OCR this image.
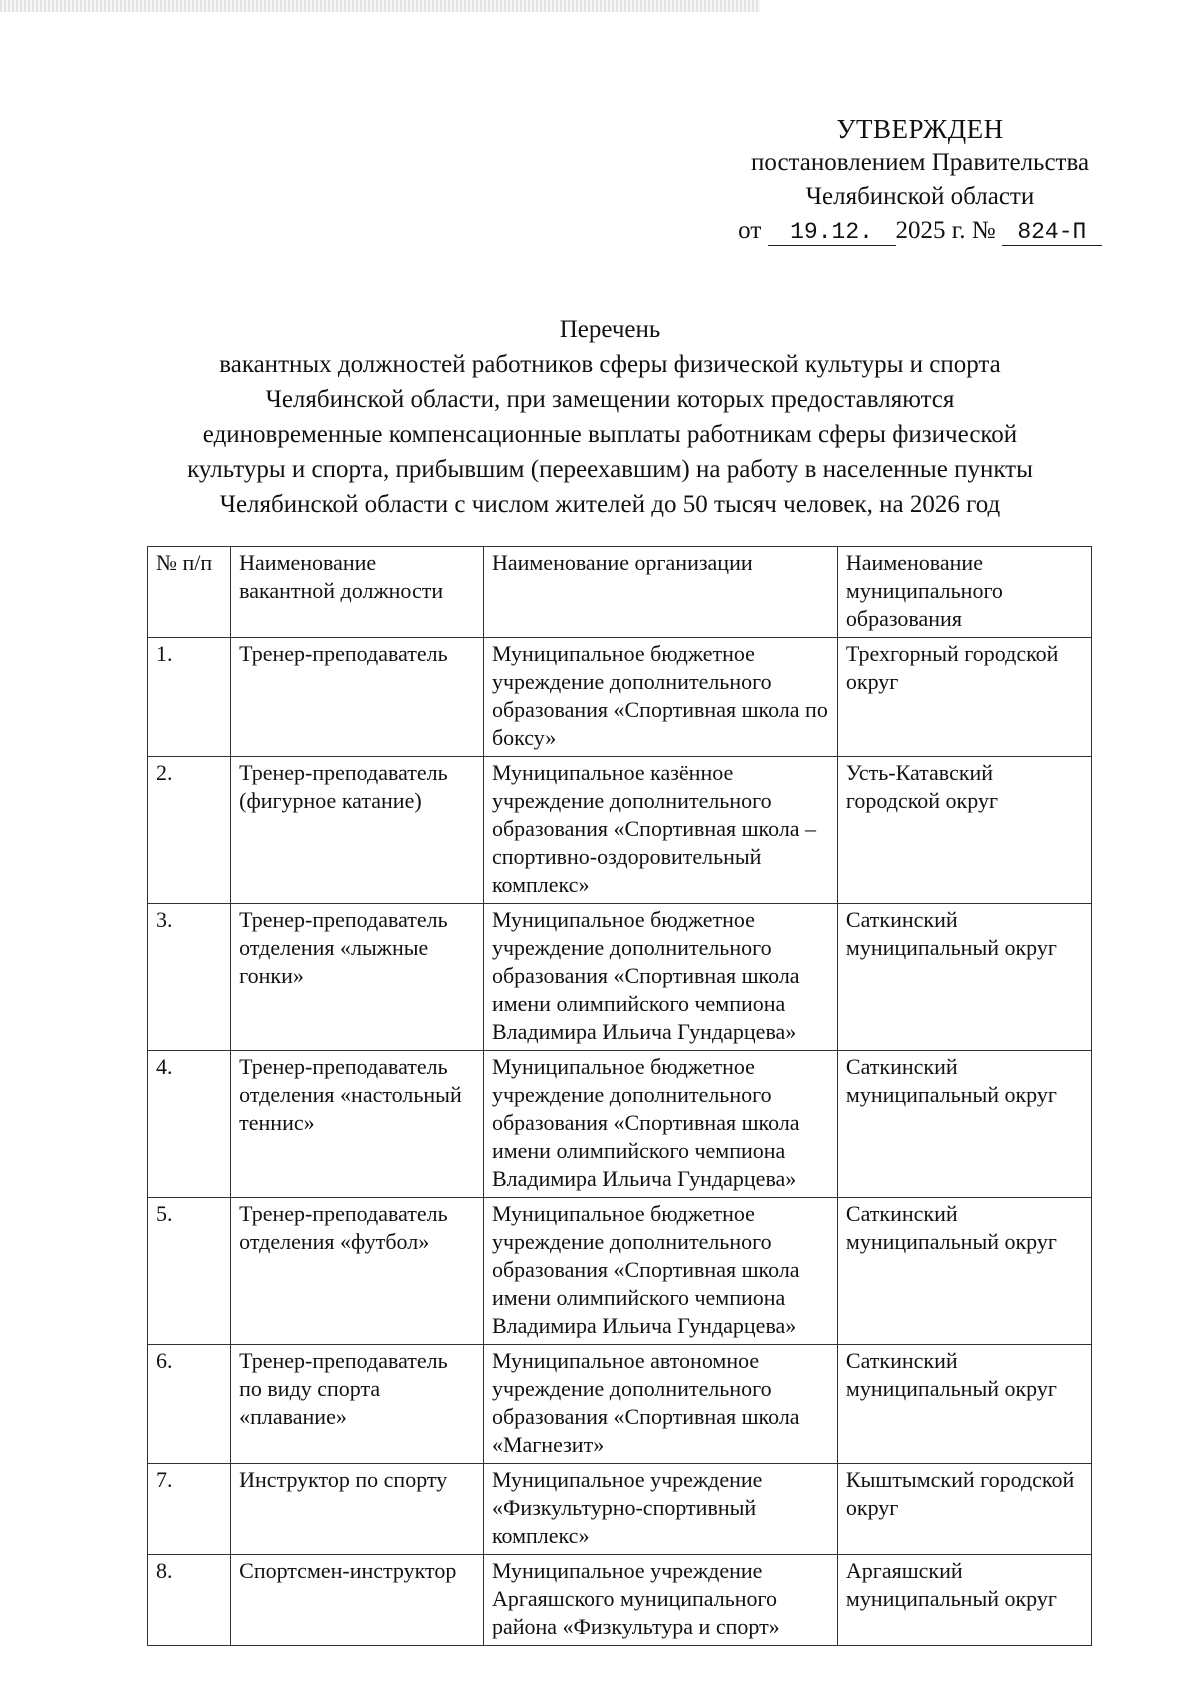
УТВЕРЖДЕН
постановлением Правительства
Челябинской области
от 19.12. 2025 г. № 824-П
Перечень
вакантных должностей работников сферы физической культуры и спорта
Челябинской области, при замещении которых предоставляются
единовременные компенсационные выплаты работникам сферы физической
культуры и спорта, прибывшим (переехавшим) на работу в населенные пункты
Челябинской области с числом жителей до 50 тысяч человек, на 2026 год
№ п/п	Наименование вакантной должности	Наименование организации	Наименование муниципального образования
1.	Тренер-преподаватель	Муниципальное бюджетное учреждение дополнительного образования «Спортивная школа по боксу»	Трехгорный городской округ
2.	Тренер-преподаватель (фигурное катание)	Муниципальное казённое учреждение дополнительного образования «Спортивная школа – спортивно-оздоровительный комплекс»	Усть-Катавский городской округ
3.	Тренер-преподаватель отделения «лыжные гонки»	Муниципальное бюджетное учреждение дополнительного образования «Спортивная школа имени олимпийского чемпиона Владимира Ильича Гундарцева»	Саткинский муниципальный округ
4.	Тренер-преподаватель отделения «настольный теннис»	Муниципальное бюджетное учреждение дополнительного образования «Спортивная школа имени олимпийского чемпиона Владимира Ильича Гундарцева»	Саткинский муниципальный округ
5.	Тренер-преподаватель отделения «футбол»	Муниципальное бюджетное учреждение дополнительного образования «Спортивная школа имени олимпийского чемпиона Владимира Ильича Гундарцева»	Саткинский муниципальный округ
6.	Тренер-преподаватель по виду спорта «плавание»	Муниципальное автономное учреждение дополнительного образования «Спортивная школа «Магнезит»	Саткинский муниципальный округ
7.	Инструктор по спорту	Муниципальное учреждение «Физкультурно-спортивный комплекс»	Кыштымский городской округ
8.	Спортсмен-инструктор	Муниципальное учреждение Аргаяшского муниципального района «Физкультура и спорт»	Аргаяшский муниципальный округ
